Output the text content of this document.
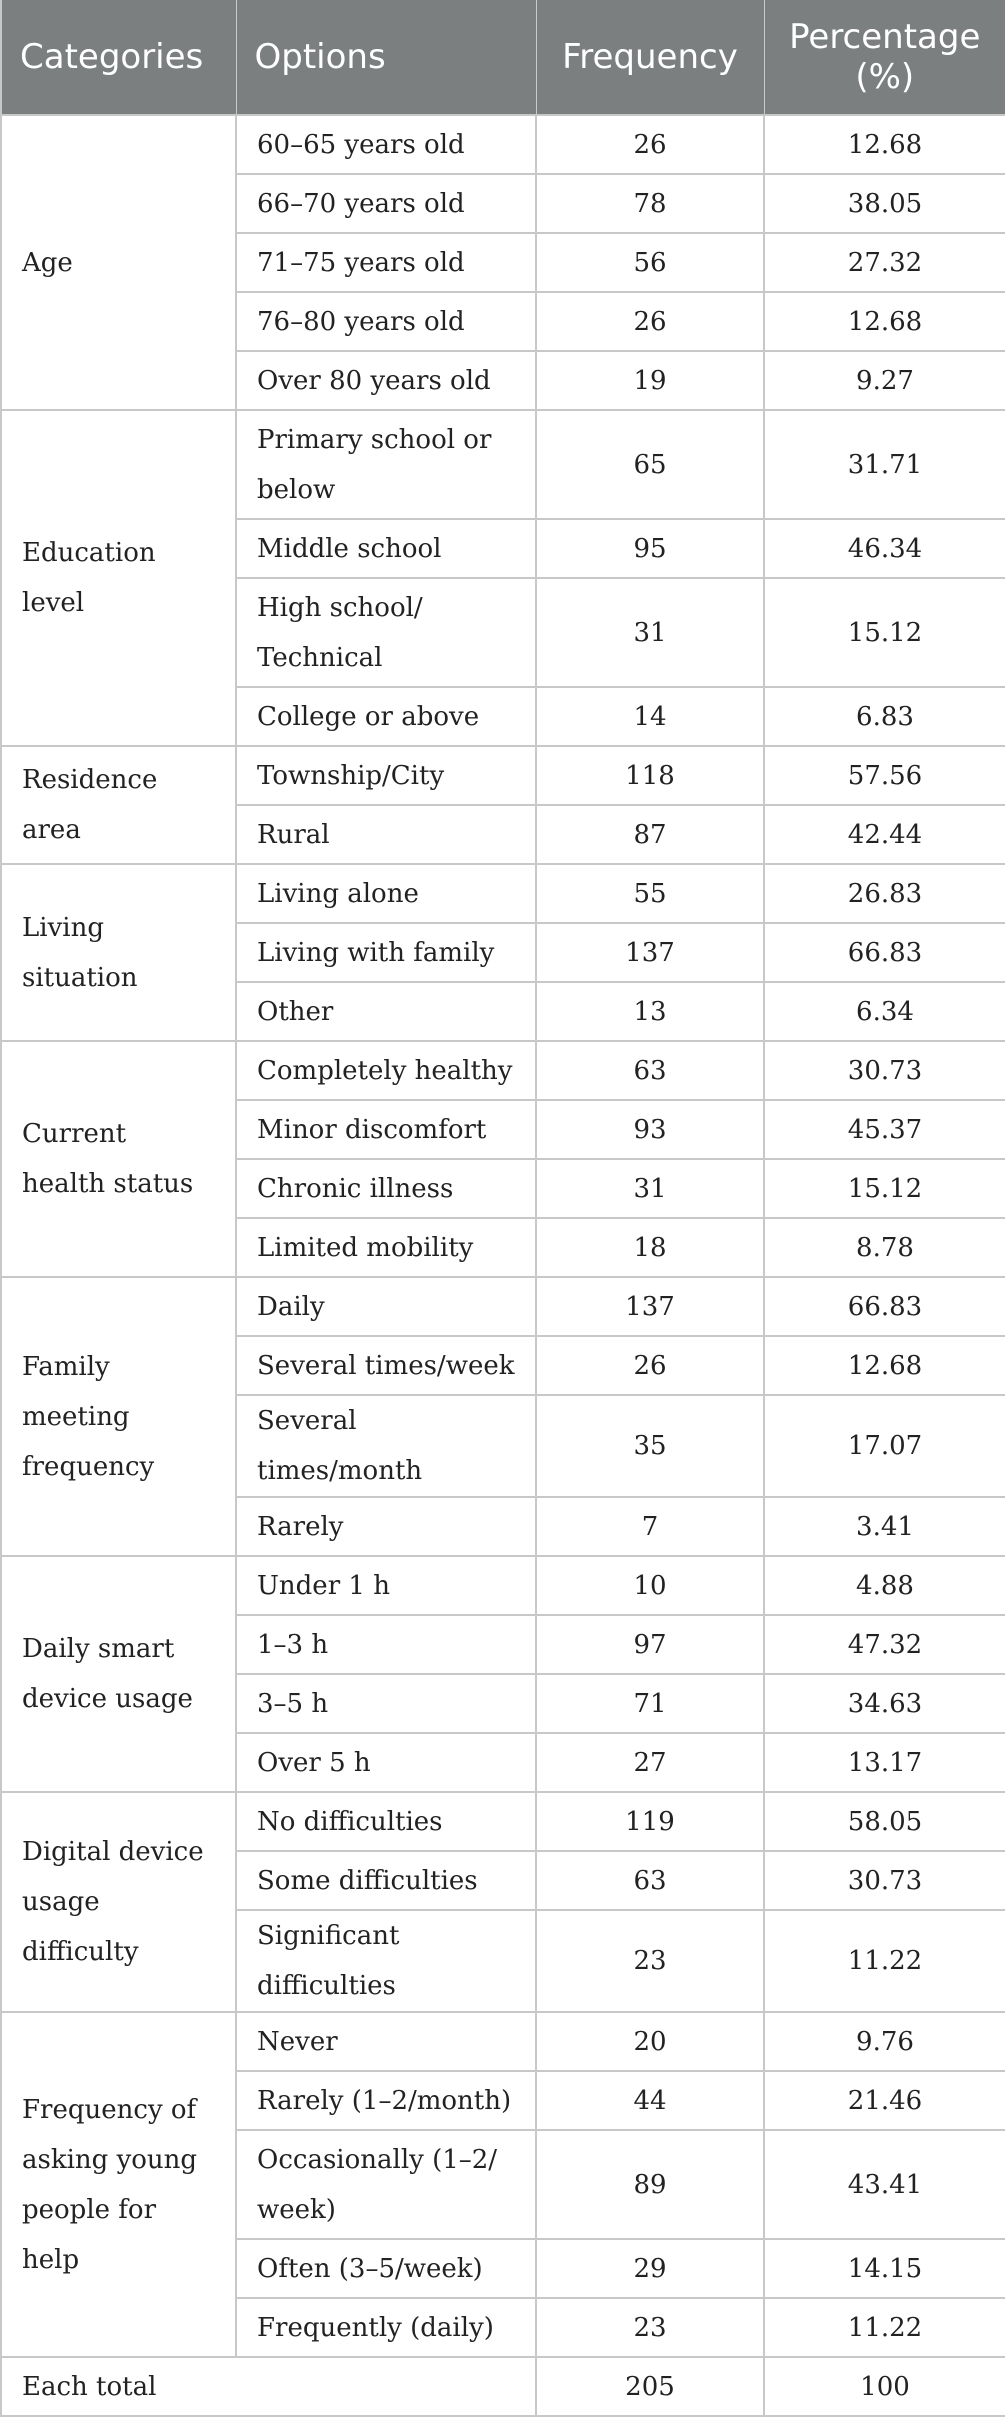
Categories	Options	Frequency	Percentage (%)
Age	60–65 years old	26	12.68
	66–70 years old	78	38.05
	71–75 years old	56	27.32
	76–80 years old	26	12.68
	Over 80 years old	19	9.27
Education level	Primary school or below	65	31.71
	Middle school	95	46.34
	High school/ Technical	31	15.12
	College or above	14	6.83
Residence area	Township/City	118	57.56
	Rural	87	42.44
Living situation	Living alone	55	26.83
	Living with family	137	66.83
	Other	13	6.34
Current health status	Completely healthy	63	30.73
	Minor discomfort	93	45.37
	Chronic illness	31	15.12
	Limited mobility	18	8.78
Family meeting frequency	Daily	137	66.83
	Several times/week	26	12.68
	Several times/month	35	17.07
	Rarely	7	3.41
Daily smart device usage	Under 1 h	10	4.88
	1–3 h	97	47.32
	3–5 h	71	34.63
	Over 5 h	27	13.17
Digital device usage difficulty	No difficulties	119	58.05
	Some difficulties	63	30.73
	Significant difficulties	23	11.22
Frequency of asking young people for help	Never	20	9.76
	Rarely (1–2/month)	44	21.46
	Occasionally (1–2/ week)	89	43.41
	Often (3–5/week)	29	14.15
	Frequently (daily)	23	11.22
Each total		205	100
